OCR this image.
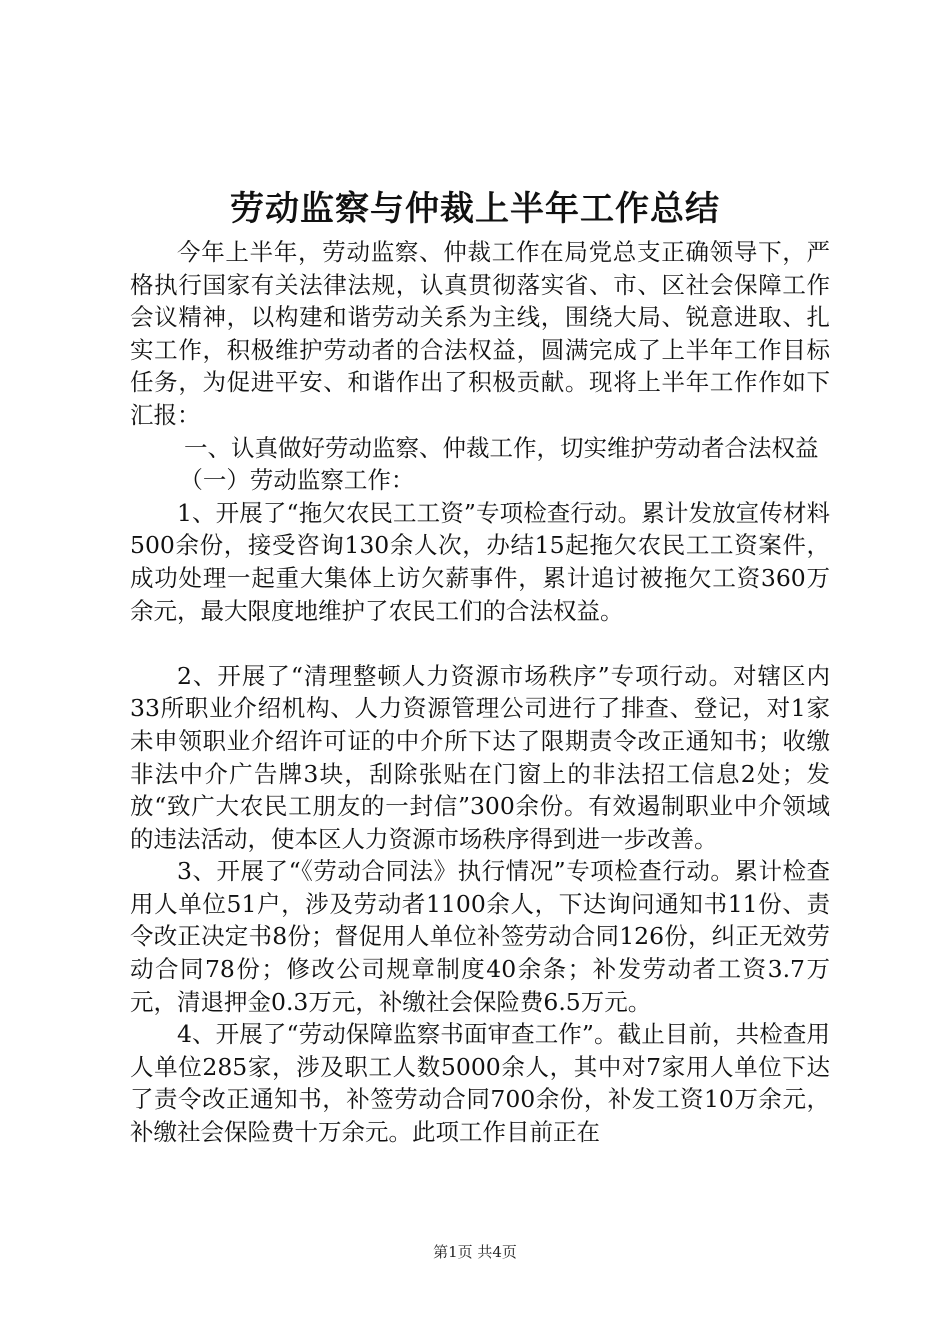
劳动监察与仲裁上半年工作总结

今年上半年，劳动监察、仲裁工作在局党总支正确领导下，严格执行国家有关法律法规，认真贯彻落实省、市、区社会保障工作会议精神，以构建和谐劳动关系为主线，围绕大局、锐意进取、扎实工作，积极维护劳动者的合法权益，圆满完成了上半年工作目标任务，为促进平安、和谐作出了积极贡献。现将上半年工作作如下汇报：

一、认真做好劳动监察、仲裁工作，切实维护劳动者合法权益

（一）劳动监察工作：

1、开展了“拖欠农民工工资”专项检查行动。累计发放宣传材料500余份，接受咨询130余人次，办结15起拖欠农民工工资案件，成功处理一起重大集体上访欠薪事件，累计追讨被拖欠工资360万余元，最大限度地维护了农民工们的合法权益。

2、开展了“清理整顿人力资源市场秩序”专项行动。对辖区内33所职业介绍机构、人力资源管理公司进行了排查、登记，对1家未申领职业介绍许可证的中介所下达了限期责令改正通知书；收缴非法中介广告牌3块，刮除张贴在门窗上的非法招工信息2处；发放“致广大农民工朋友的一封信”300余份。有效遏制职业中介领域的违法活动，使本区人力资源市场秩序得到进一步改善。

3、开展了“《劳动合同法》执行情况”专项检查行动。累计检查用人单位51户，涉及劳动者1100余人，下达询问通知书11份、责令改正决定书8份；督促用人单位补签劳动合同126份，纠正无效劳动合同78份；修改公司规章制度40余条；补发劳动者工资3.7万元，清退押金0.3万元，补缴社会保险费6.5万元。

4、开展了“劳动保障监察书面审查工作”。截止目前，共检查用人单位285家，涉及职工人数5000余人，其中对7家用人单位下达了责令改正通知书，补签劳动合同700余份，补发工资10万余元，补缴社会保险费十万余元。此项工作目前正在

第1页 共4页
